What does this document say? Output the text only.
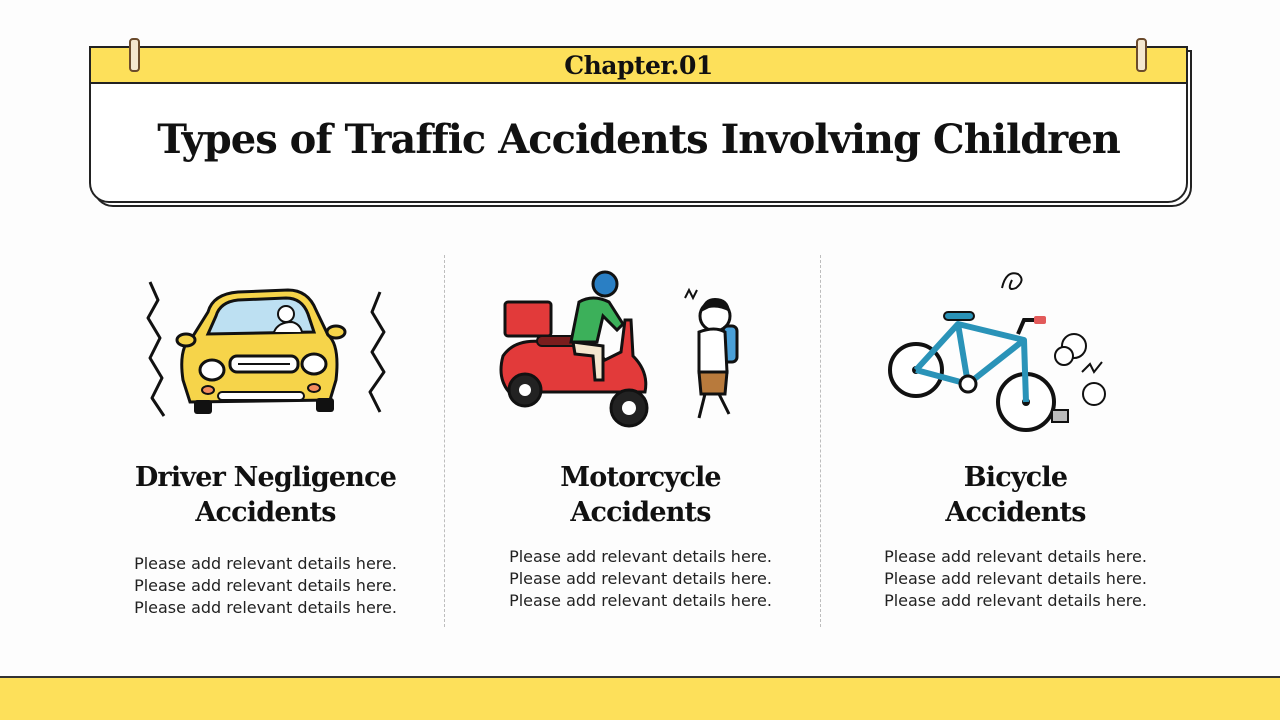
Chapter.01
Types of Traffic Accidents Involving Children
Driver Negligence
Accidents
Please add relevant details here.
Please add relevant details here.
Please add relevant details here.
Motorcycle
Accidents
Please add relevant details here.
Please add relevant details here.
Please add relevant details here.
Bicycle
Accidents
Please add relevant details here.
Please add relevant details here.
Please add relevant details here.
